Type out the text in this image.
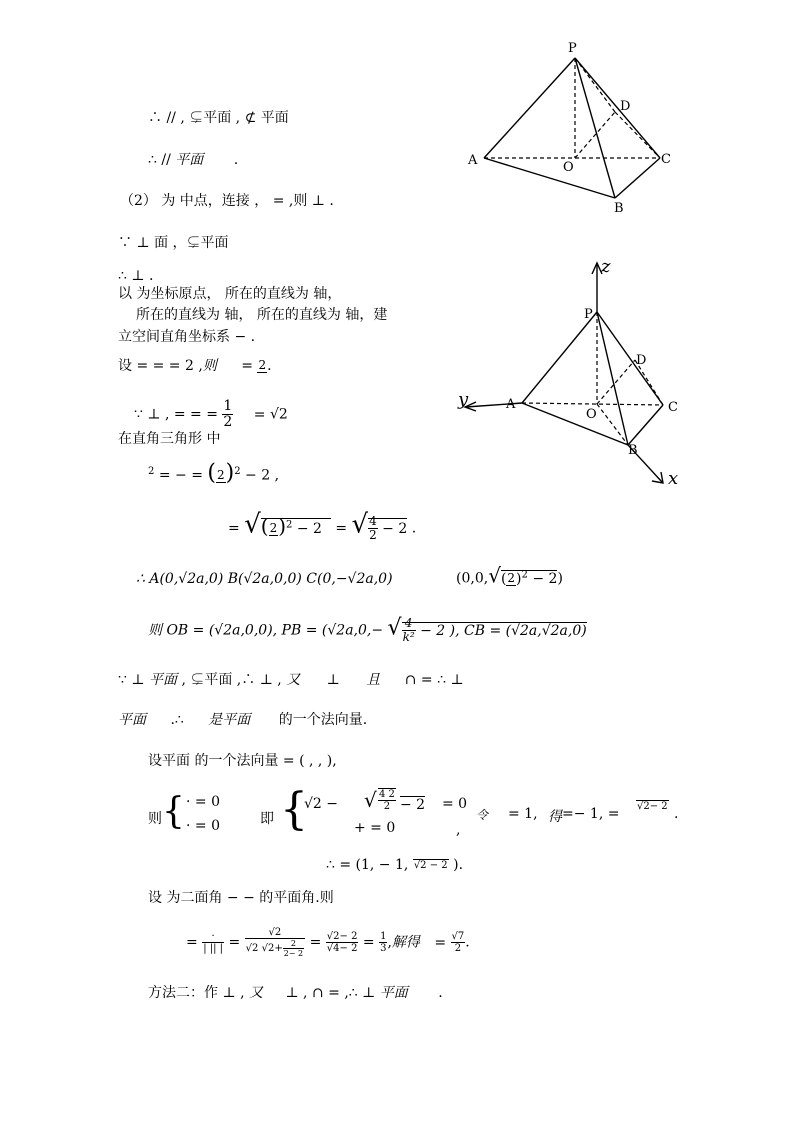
P
A
B
C
D
O
z
y
x
P
A
B
C
D
O
∴ // , ⊊平面 , ⊄ 平面
∴ // 平面 .
（2） 为 中点，连接 ， = ,则 ⊥ .
∵ ⊥ 面 ，⊊平面
∴ ⊥ .
以 为坐标原点， 所在的直线为 轴，
所在的直线为 轴， 所在的直线为 轴，建
立空间直角坐标系 − .
设 = = = 2 ,则 = 2 .
∵ ⊥ , = = = $\frac{1}{2} = √2$
在直角三角形 中
$^2$ = − = ( 2 )$^2$ − 2 ,
= √( 2 )$^2$ − 2 = √ $\frac{4}{2} - 2$ .
∴ A(0,√2a,0) B(√2a,0,0) C(0,−√2a,0)	(0,0,√( 2 )$^2$ − 2)
则 OB = (√2a,0,0), PB = (√2a,0,− √ $\frac{4}{\text{k²}} - 2$ ), CB = (√2a,√2a,0)
∵ ⊥ 平面 , ⊊平面 ,∴ ⊥ , 又 ⊥ 且 ∩ = ∴ ⊥
平面 .∴ 是平面 的一个法向量.
设平面 的一个法向量 = ( , , ),
则 { · = 0
· = 0	即 {
√2 − √ $\frac{4 2}{2} - 2 = 0$
+ = 0	,
令 = 1, 得 =− 1, = √2− 2 .
∴ = (1, − 1, √2 − 2 ).
设 为二面角 − − 的平面角.则
= $\frac{\cdot}{| || |} = \frac{√2}{√2 √2+ \frac{2}{2- 2}} = \frac{√2- 2}{√4- 2} = \frac{1}{3}$ ,解得 = $\frac{√7}{2}$ .
方法二：作 ⊥ , 又 ⊥ , ∩ = ,∴ ⊥ 平面 .
